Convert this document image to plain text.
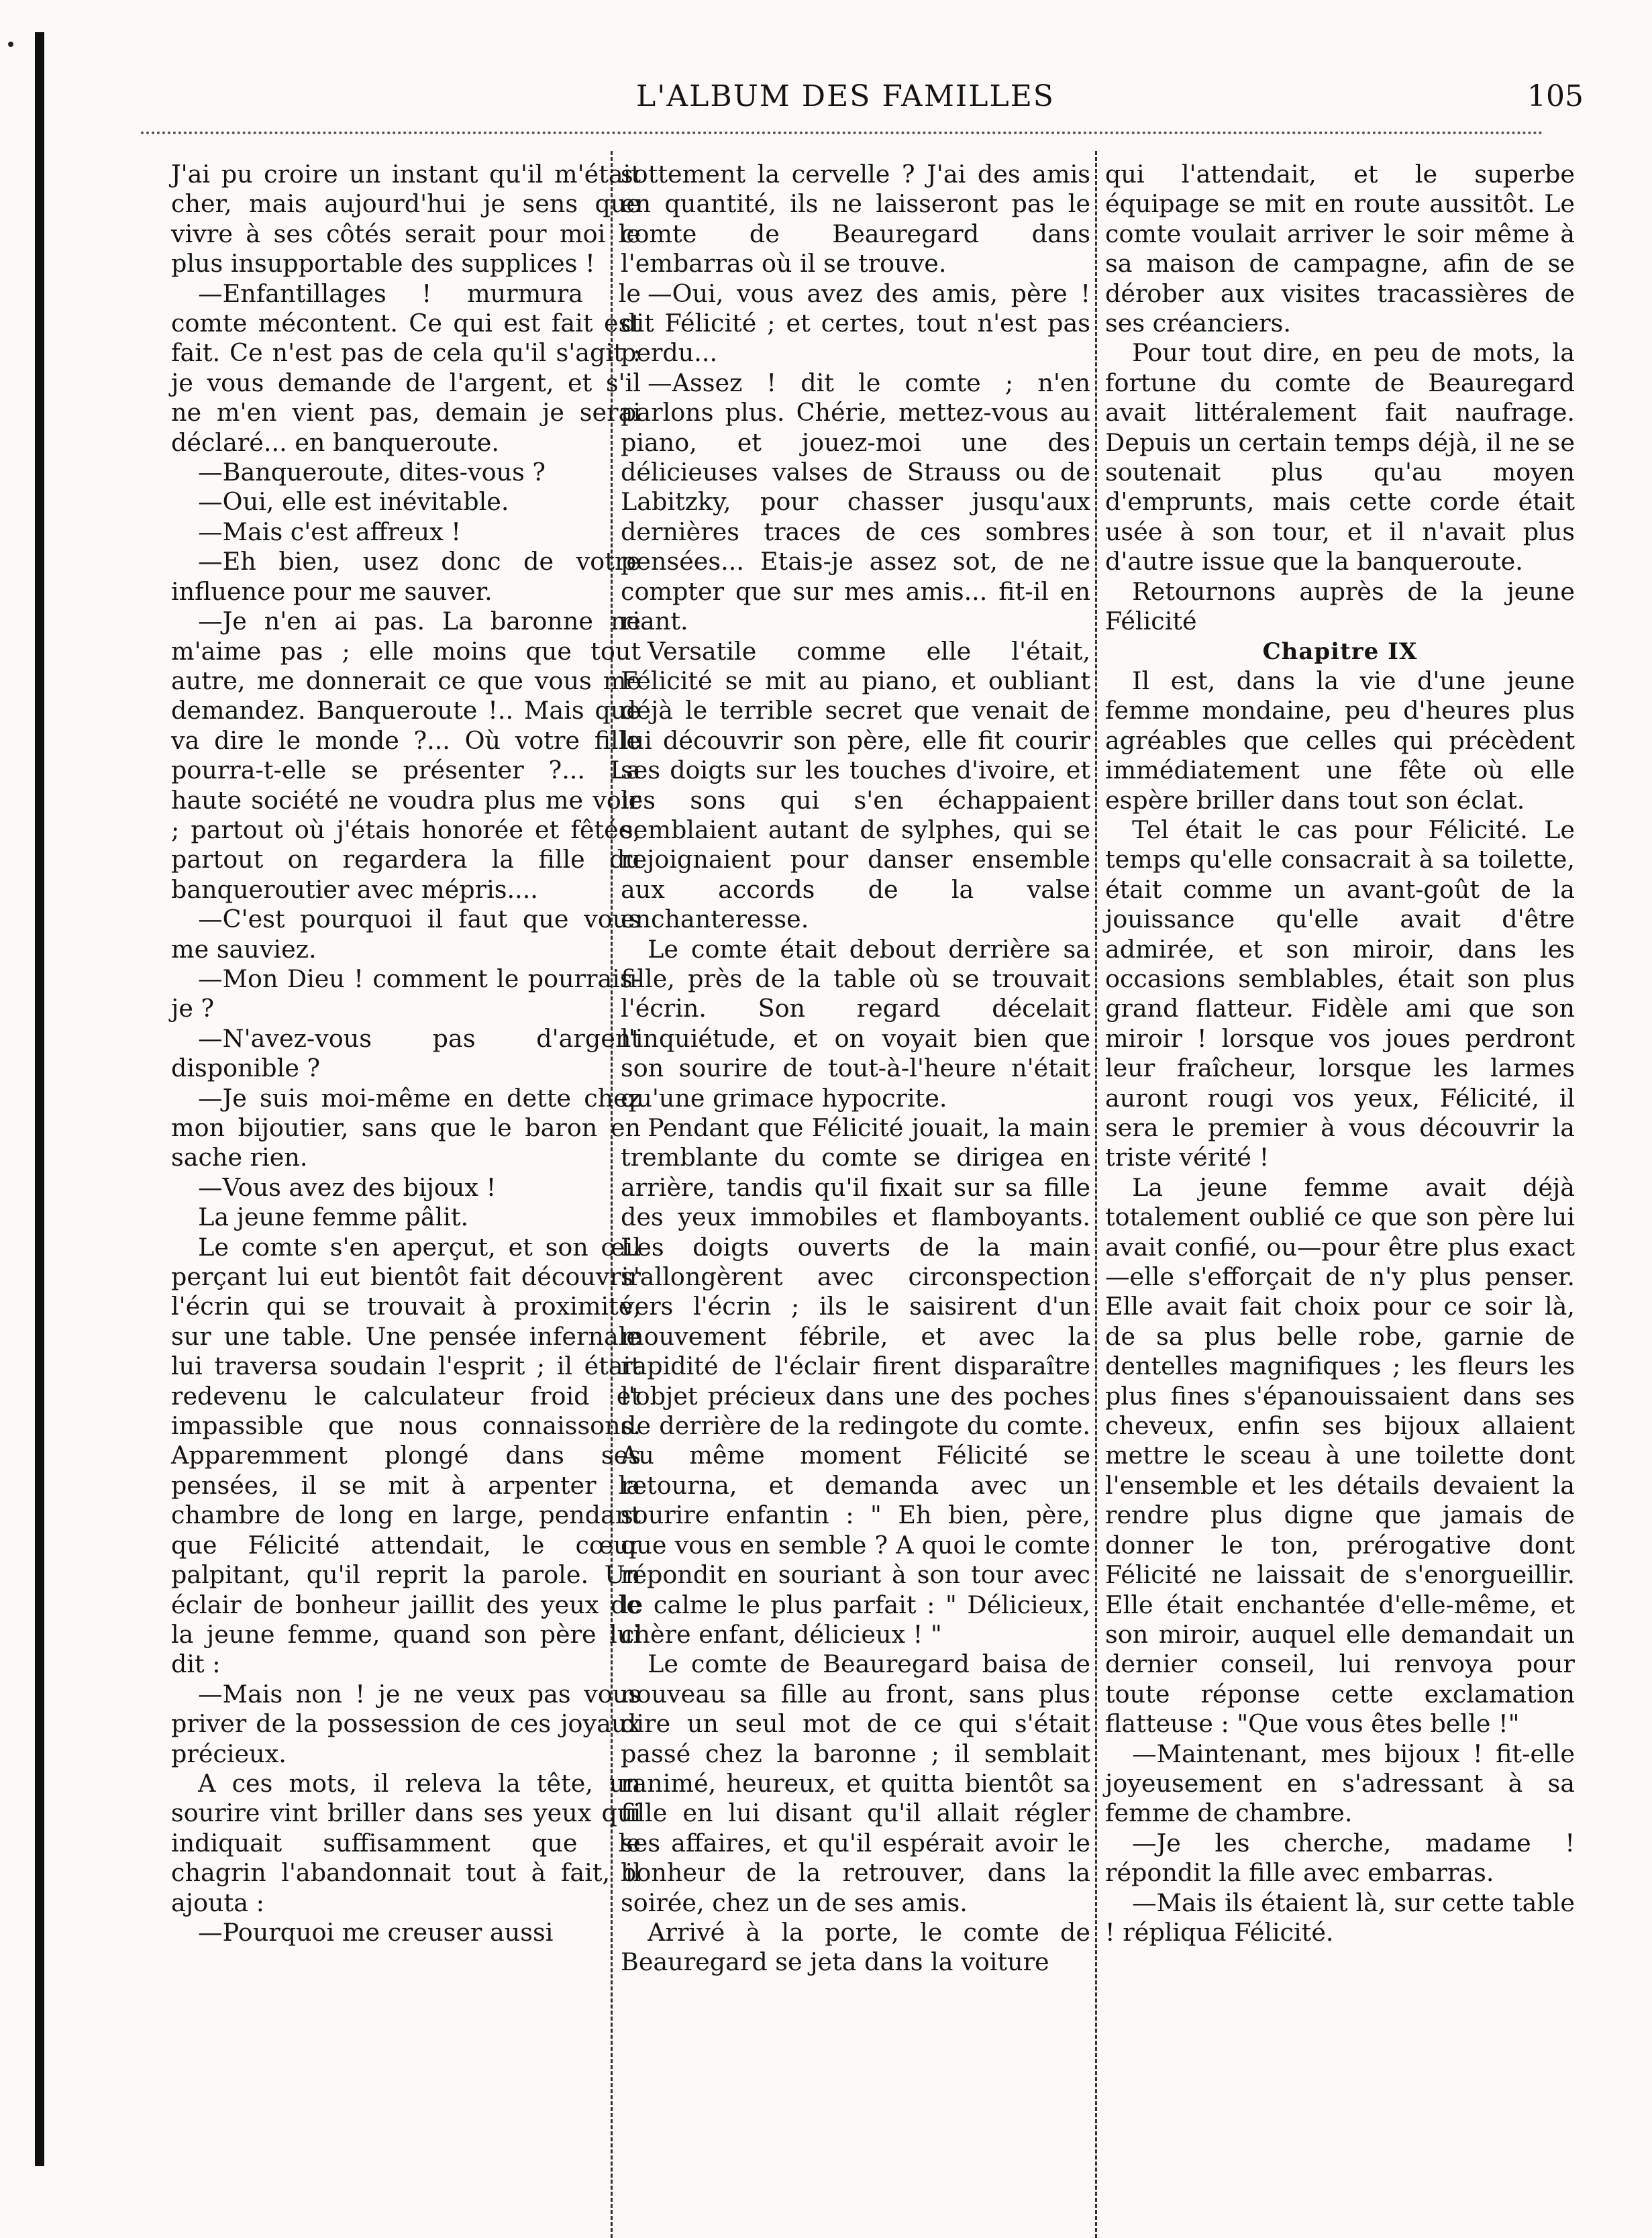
L'ALBUM DES FAMILLES	105

J'ai pu croire un instant qu'il m'était cher, mais aujourd'hui je sens que vivre à ses côtés serait pour moi le plus insupportable des supplices !

—Enfantillages ! murmura le comte mécontent. Ce qui est fait est fait. Ce n'est pas de cela qu'il s'agit : je vous demande de l'argent, et s'il ne m'en vient pas, demain je serai déclaré... en banqueroute.

—Banqueroute, dites-vous ?

—Oui, elle est inévitable.

—Mais c'est affreux !

—Eh bien, usez donc de votre influence pour me sauver.

—Je n'en ai pas. La baronne ne m'aime pas ; elle moins que tout autre, me donnerait ce que vous me demandez. Banqueroute !.. Mais que va dire le monde ?... Où votre fille pourra-t-elle se présenter ?... La haute société ne voudra plus me voir ; partout où j'étais honorée et fêtée, partout on regardera la fille du banqueroutier avec mépris....

—C'est pourquoi il faut que vous me sauviez.

—Mon Dieu ! comment le pourrais-je ?

—N'avez-vous pas d'argent disponible ?

—Je suis moi-même en dette chez mon bijoutier, sans que le baron en sache rien.

—Vous avez des bijoux !

La jeune femme pâlit.

Le comte s'en aperçut, et son œil perçant lui eut bientôt fait découvrir l'écrin qui se trouvait à proximité, sur une table. Une pensée infernale lui traversa soudain l'esprit ; il était redevenu le calculateur froid et impassible que nous connaissons. Apparemment plongé dans ses pensées, il se mit à arpenter la chambre de long en large, pendant que Félicité attendait, le cœur palpitant, qu'il reprit la parole. Un éclair de bonheur jaillit des yeux de la jeune femme, quand son père lui dit :

—Mais non ! je ne veux pas vous priver de la possession de ces joyaux précieux.

A ces mots, il releva la tête, un sourire vint briller dans ses yeux qui indiquait suffisamment que le chagrin l'abandonnait tout à fait, il ajouta :

—Pourquoi me creuser aussi

sottement la cervelle ? J'ai des amis en quantité, ils ne laisseront pas le comte de Beauregard dans l'embarras où il se trouve.

—Oui, vous avez des amis, père ! dit Félicité ; et certes, tout n'est pas perdu...

—Assez ! dit le comte ; n'en parlons plus. Chérie, mettez-vous au piano, et jouez-moi une des délicieuses valses de Strauss ou de Labitzky, pour chasser jusqu'aux dernières traces de ces sombres pensées... Etais-je assez sot, de ne compter que sur mes amis... fit-il en riant.

Versatile comme elle l'était, Félicité se mit au piano, et oubliant déjà le terrible secret que venait de lui découvrir son père, elle fit courir ses doigts sur les touches d'ivoire, et les sons qui s'en échappaient semblaient autant de sylphes, qui se rejoignaient pour danser ensemble aux accords de la valse enchanteresse.

Le comte était debout derrière sa fille, près de la table où se trouvait l'écrin. Son regard décelait l'inquiétude, et on voyait bien que son sourire de tout-à-l'heure n'était qu'une grimace hypocrite.

Pendant que Félicité jouait, la main tremblante du comte se dirigea en arrière, tandis qu'il fixait sur sa fille des yeux immobiles et flamboyants. Les doigts ouverts de la main s'allongèrent avec circonspection vers l'écrin ; ils le saisirent d'un mouvement fébrile, et avec la rapidité de l'éclair firent disparaître l'objet précieux dans une des poches de derrière de la redingote du comte. Au même moment Félicité se retourna, et demanda avec un sourire enfantin : " Eh bien, père, que vous en semble ? A quoi le comte répondit en souriant à son tour avec le calme le plus parfait : " Délicieux, chère enfant, délicieux ! "

Le comte de Beauregard baisa de nouveau sa fille au front, sans plus dire un seul mot de ce qui s'était passé chez la baronne ; il semblait ranimé, heureux, et quitta bientôt sa fille en lui disant qu'il allait régler ses affaires, et qu'il espérait avoir le bonheur de la retrouver, dans la soirée, chez un de ses amis.

Arrivé à la porte, le comte de Beauregard se jeta dans la voiture

qui l'attendait, et le superbe équipage se mit en route aussitôt. Le comte voulait arriver le soir même à sa maison de campagne, afin de se dérober aux visites tracassières de ses créanciers.

Pour tout dire, en peu de mots, la fortune du comte de Beauregard avait littéralement fait naufrage. Depuis un certain temps déjà, il ne se soutenait plus qu'au moyen d'emprunts, mais cette corde était usée à son tour, et il n'avait plus d'autre issue que la banqueroute.

Retournons auprès de la jeune Félicité

Chapitre IX

Il est, dans la vie d'une jeune femme mondaine, peu d'heures plus agréables que celles qui précèdent immédiatement une fête où elle espère briller dans tout son éclat.

Tel était le cas pour Félicité. Le temps qu'elle consacrait à sa toilette, était comme un avant-goût de la jouissance qu'elle avait d'être admirée, et son miroir, dans les occasions semblables, était son plus grand flatteur. Fidèle ami que son miroir ! lorsque vos joues perdront leur fraîcheur, lorsque les larmes auront rougi vos yeux, Félicité, il sera le premier à vous découvrir la triste vérité !

La jeune femme avait déjà totalement oublié ce que son père lui avait confié, ou—pour être plus exact—elle s'efforçait de n'y plus penser. Elle avait fait choix pour ce soir là, de sa plus belle robe, garnie de dentelles magnifiques ; les fleurs les plus fines s'épanouissaient dans ses cheveux, enfin ses bijoux allaient mettre le sceau à une toilette dont l'ensemble et les détails devaient la rendre plus digne que jamais de donner le ton, prérogative dont Félicité ne laissait de s'enorgueillir. Elle était enchantée d'elle-même, et son miroir, auquel elle demandait un dernier conseil, lui renvoya pour toute réponse cette exclamation flatteuse : "Que vous êtes belle !"

—Maintenant, mes bijoux ! fit-elle joyeusement en s'adressant à sa femme de chambre.

—Je les cherche, madame ! répondit la fille avec embarras.

—Mais ils étaient là, sur cette table ! répliqua Félicité.
